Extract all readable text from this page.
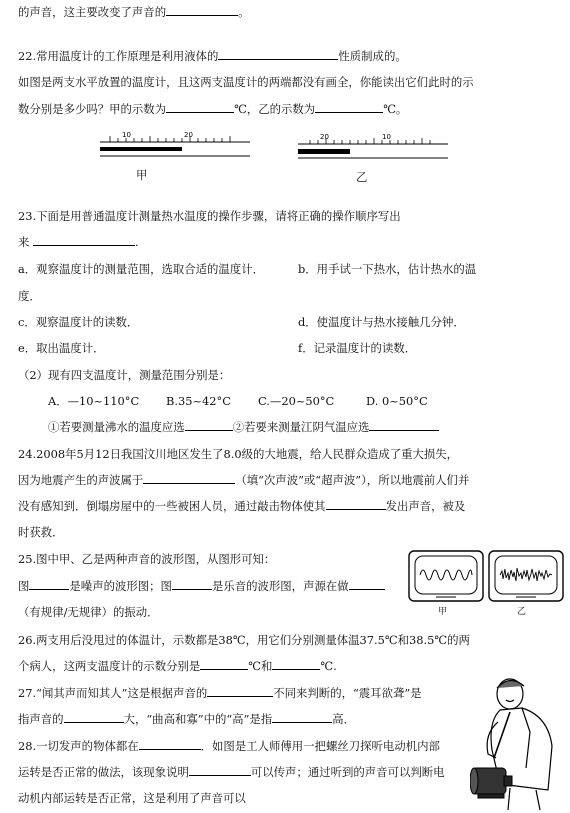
的声音，这主要改变了声音的	。
22.常用温度计的工作原理是利用液体的	性质制成的。
如图是两支水平放置的温度计，且这两支温度计的两端都没有画全，你能读出它们此时的示
数分别是多少吗？甲的示数为	℃，乙的示数为	℃。
10	20
甲
20	10
乙
23.下面是用普通温度计测量热水温度的操作步骤，请将正确的操作顺序写出
来	.
a．观察温度计的测量范围，选取合适的温度计．	b．用手试一下热水，估计热水的温
度．
c．观察温度计的读数．	d．使温度计与热水接触几分钟．
e．取出温度计．	f．记录温度计的读数．
（2）现有四支温度计，测量范围分别是：
A．—10~110°C B.35~42°C C.—20~50°C	D. 0~50°C
①若要测量沸水的温度应选	②若要来测量江阴气温应选
24.2008年5月12日我国汶川地区发生了8.0级的大地震，给人民群众造成了重大损失，
因为地震产生的声波属于	（填“次声波”或“超声波”），所以地震前人们并
没有感知到．倒塌房屋中的一些被困人员，通过敲击物体使其	发出声音，被及
时获救．
25.图中甲、乙是两种声音的波形图，从图形可知：
图	是噪声的波形图；图	是乐音的波形图，声源在做
（有规律/无规律）的振动．	甲	乙
26.两支用后没甩过的体温计，示数都是38℃，用它们分别测量体温37.5℃和38.5℃的两
个病人，这两支温度计的示数分别是	℃和	℃.
27.“闻其声而知其人”这是根据声音的	不同来判断的，“震耳欲聋”是
指声音的	大，“曲高和寡”中的“高”是指	高．
28.一切发声的物体都在	．如图是工人师傅用一把螺丝刀探听电动机内部
运转是否正常的做法，该现象说明	可以传声；通过听到的声音可以判断电
动机内部运转是否正常，这是利用了声音可以
